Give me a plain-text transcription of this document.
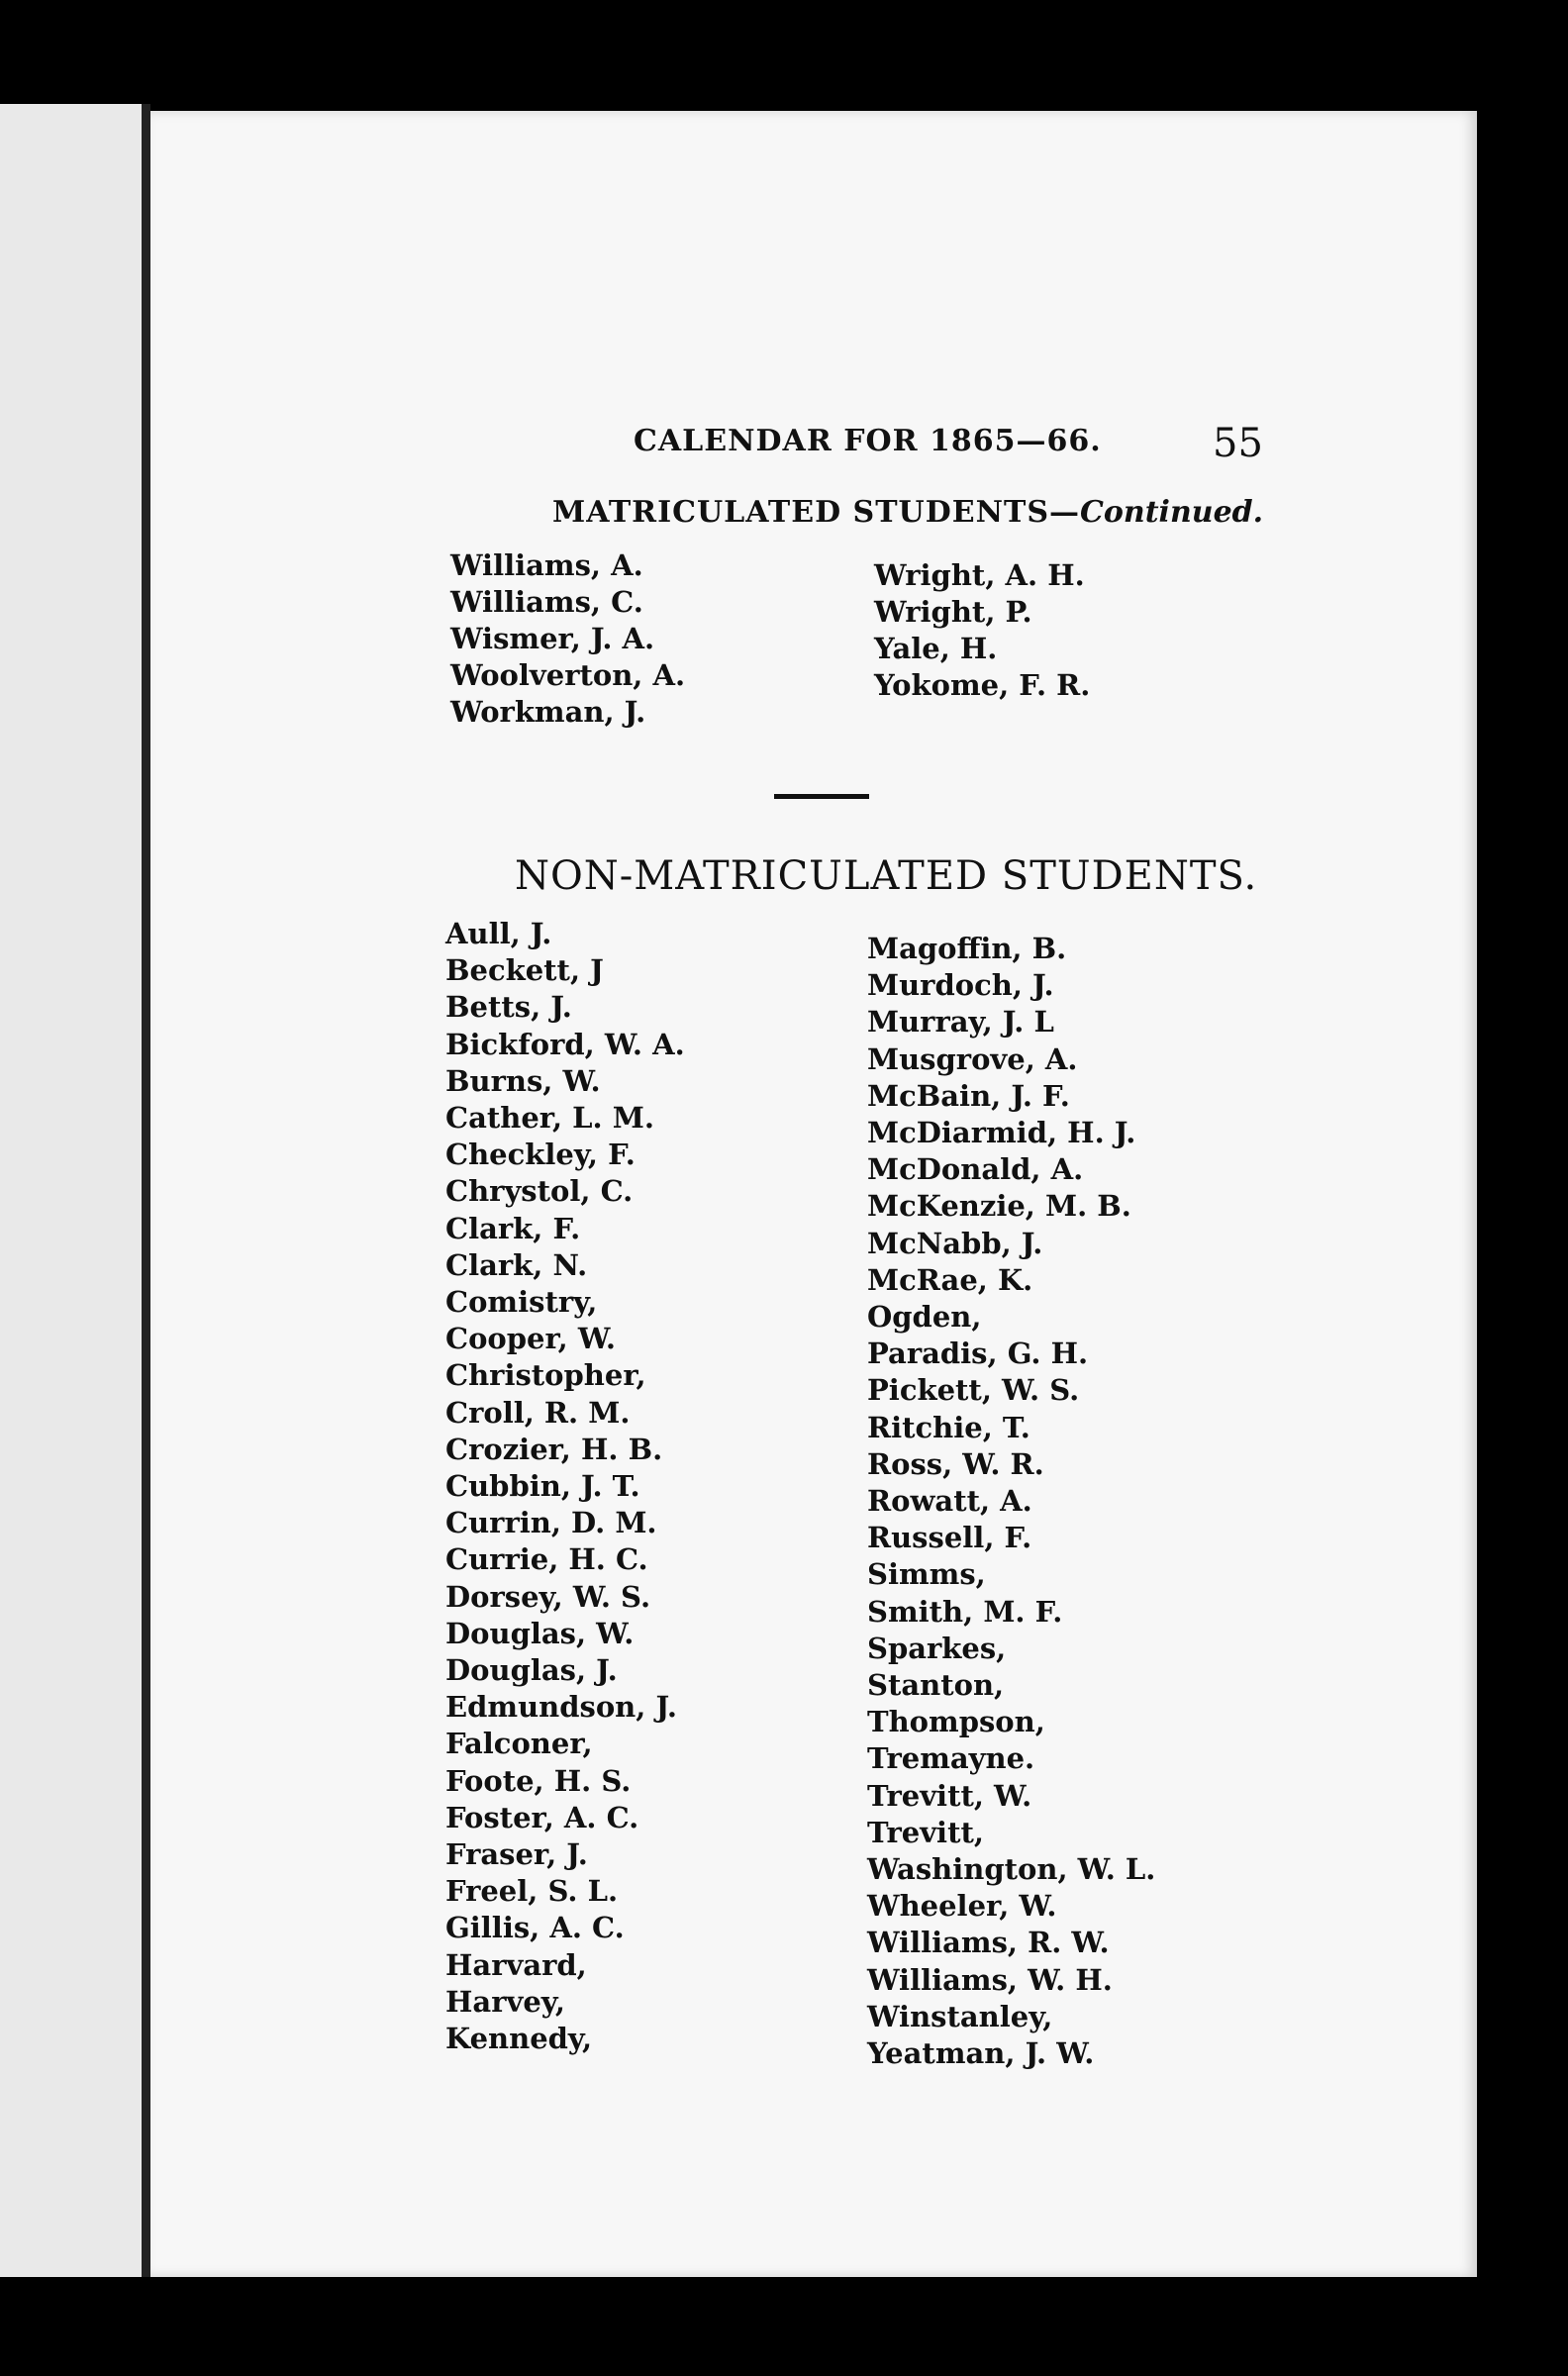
CALENDAR FOR 1865—66.	55
MATRICULATED STUDENTS—Continued.
Williams, A.
Williams, C.
Wismer, J. A.
Woolverton, A.
Workman, J.
Wright, A. H.
Wright, P.
Yale, H.
Yokome, F. R.
NON-MATRICULATED STUDENTS.
Aull, J.
Beckett, J
Betts, J.
Bickford, W. A.
Burns, W.
Cather, L. M.
Checkley, F.
Chrystol, C.
Clark, F.
Clark, N.
Comistry,
Cooper, W.
Christopher,
Croll, R. M.
Crozier, H. B.
Cubbin, J. T.
Currin, D. M.
Currie, H. C.
Dorsey, W. S.
Douglas, W.
Douglas, J.
Edmundson, J.
Falconer,
Foote, H. S.
Foster, A. C.
Fraser, J.
Freel, S. L.
Gillis, A. C.
Harvard,
Harvey,
Kennedy,
Magoffin, B.
Murdoch, J.
Murray, J. L
Musgrove, A.
McBain, J. F.
McDiarmid, H. J.
McDonald, A.
McKenzie, M. B.
McNabb, J.
McRae, K.
Ogden,
Paradis, G. H.
Pickett, W. S.
Ritchie, T.
Ross, W. R.
Rowatt, A.
Russell, F.
Simms,
Smith, M. F.
Sparkes,
Stanton,
Thompson,
Tremayne.
Trevitt, W.
Trevitt,
Washington, W. L.
Wheeler, W.
Williams, R. W.
Williams, W. H.
Winstanley,
Yeatman, J. W.
